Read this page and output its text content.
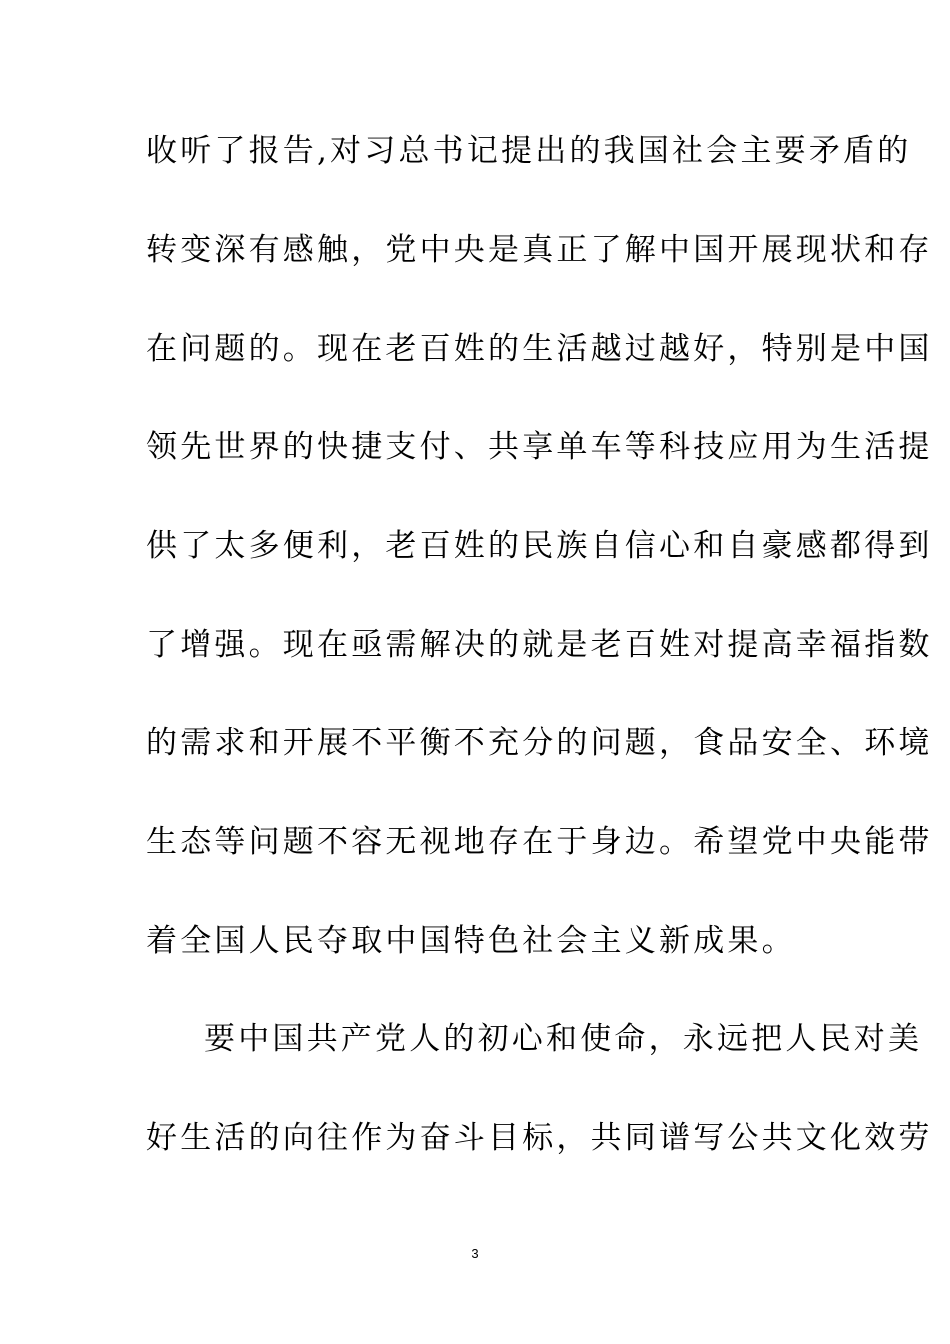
收听了报告,对习总书记提出的我国社会主要矛盾的
转变深有感触，党中央是真正了解中国开展现状和存
在问题的。现在老百姓的生活越过越好，特别是中国
领先世界的快捷支付、共享单车等科技应用为生活提
供了太多便利，老百姓的民族自信心和自豪感都得到
了增强。现在亟需解决的就是老百姓对提高幸福指数
的需求和开展不平衡不充分的问题，食品安全、环境
生态等问题不容无视地存在于身边。希望党中央能带
着全国人民夺取中国特色社会主义新成果。
要中国共产党人的初心和使命，永远把人民对美
好生活的向往作为奋斗目标，共同谱写公共文化效劳
3
